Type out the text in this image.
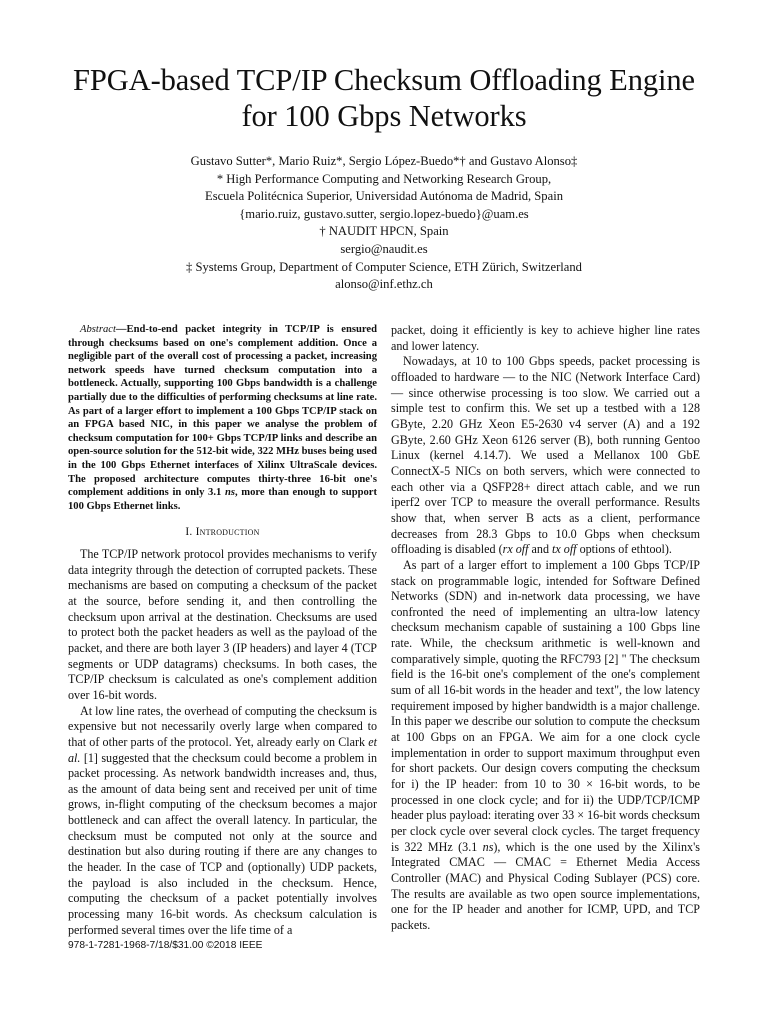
FPGA-based TCP/IP Checksum Offloading Engine
for 100 Gbps Networks
Gustavo Sutter*, Mario Ruiz*, Sergio López-Buedo*† and Gustavo Alonso‡
* High Performance Computing and Networking Research Group,
Escuela Politécnica Superior, Universidad Autónoma de Madrid, Spain
{mario.ruiz, gustavo.sutter, sergio.lopez-buedo}@uam.es
† NAUDIT HPCN, Spain
sergio@naudit.es
‡ Systems Group, Department of Computer Science, ETH Zürich, Switzerland
alonso@inf.ethz.ch

Abstract—End-to-end packet integrity in TCP/IP is ensured through checksums based on one's complement addition. Once a negligible part of the overall cost of processing a packet, increasing network speeds have turned checksum computation into a bottleneck. Actually, supporting 100 Gbps bandwidth is a challenge partially due to the difficulties of performing checksums at line rate. As part of a larger effort to implement a 100 Gbps TCP/IP stack on an FPGA based NIC, in this paper we analyse the problem of checksum computation for 100+ Gbps TCP/IP links and describe an open-source solution for the 512-bit wide, 322 MHz buses being used in the 100 Gbps Ethernet interfaces of Xilinx UltraScale devices. The proposed architecture computes thirty-three 16-bit one's complement additions in only 3.1 ns, more than enough to support 100 Gbps Ethernet links.

I. Introduction

The TCP/IP network protocol provides mechanisms to verify data integrity through the detection of corrupted packets. These mechanisms are based on computing a checksum of the packet at the source, before sending it, and then controlling the checksum upon arrival at the destination. Checksums are used to protect both the packet headers as well as the payload of the packet, and there are both layer 3 (IP headers) and layer 4 (TCP segments or UDP datagrams) checksums. In both cases, the TCP/IP checksum is calculated as one's complement addition over 16-bit words.

At low line rates, the overhead of computing the checksum is expensive but not necessarily overly large when compared to that of other parts of the protocol. Yet, already early on Clark et al. [1] suggested that the checksum could become a problem in packet processing. As network bandwidth increases and, thus, as the amount of data being sent and received per unit of time grows, in-flight computing of the checksum becomes a major bottleneck and can affect the overall latency. In particular, the checksum must be computed not only at the source and destination but also during routing if there are any changes to the header. In the case of TCP and (optionally) UDP packets, the payload is also included in the checksum. Hence, computing the checksum of a packet potentially involves processing many 16-bit words. As checksum calculation is performed several times over the life time of a

packet, doing it efficiently is key to achieve higher line rates and lower latency.

Nowadays, at 10 to 100 Gbps speeds, packet processing is offloaded to hardware — to the NIC (Network Interface Card) — since otherwise processing is too slow. We carried out a simple test to confirm this. We set up a testbed with a 128 GByte, 2.20 GHz Xeon E5-2630 v4 server (A) and a 192 GByte, 2.60 GHz Xeon 6126 server (B), both running Gentoo Linux (kernel 4.14.7). We used a Mellanox 100 GbE ConnectX-5 NICs on both servers, which were connected to each other via a QSFP28+ direct attach cable, and we run iperf2 over TCP to measure the overall performance. Results show that, when server B acts as a client, performance decreases from 28.3 Gbps to 10.0 Gbps when checksum offloading is disabled (rx off and tx off options of ethtool).

As part of a larger effort to implement a 100 Gbps TCP/IP stack on programmable logic, intended for Software Defined Networks (SDN) and in-network data processing, we have confronted the need of implementing an ultra-low latency checksum mechanism capable of sustaining a 100 Gbps line rate. While, the checksum arithmetic is well-known and comparatively simple, quoting the RFC793 [2] " The checksum field is the 16-bit one's complement of the one's complement sum of all 16-bit words in the header and text", the low latency requirement imposed by higher bandwidth is a major challenge. In this paper we describe our solution to compute the checksum at 100 Gbps on an FPGA. We aim for a one clock cycle implementation in order to support maximum throughput even for short packets. Our design covers computing the checksum for i) the IP header: from 10 to 30 × 16-bit words, to be processed in one clock cycle; and for ii) the UDP/TCP/ICMP header plus payload: iterating over 33 × 16-bit words checksum per clock cycle over several clock cycles. The target frequency is 322 MHz (3.1 ns), which is the one used by the Xilinx's Integrated CMAC — CMAC = Ethernet Media Access Controller (MAC) and Physical Coding Sublayer (PCS) core. The results are available as two open source implementations, one for the IP header and another for ICMP, UPD, and TCP packets.

978-1-7281-1968-7/18/$31.00 ©2018 IEEE
